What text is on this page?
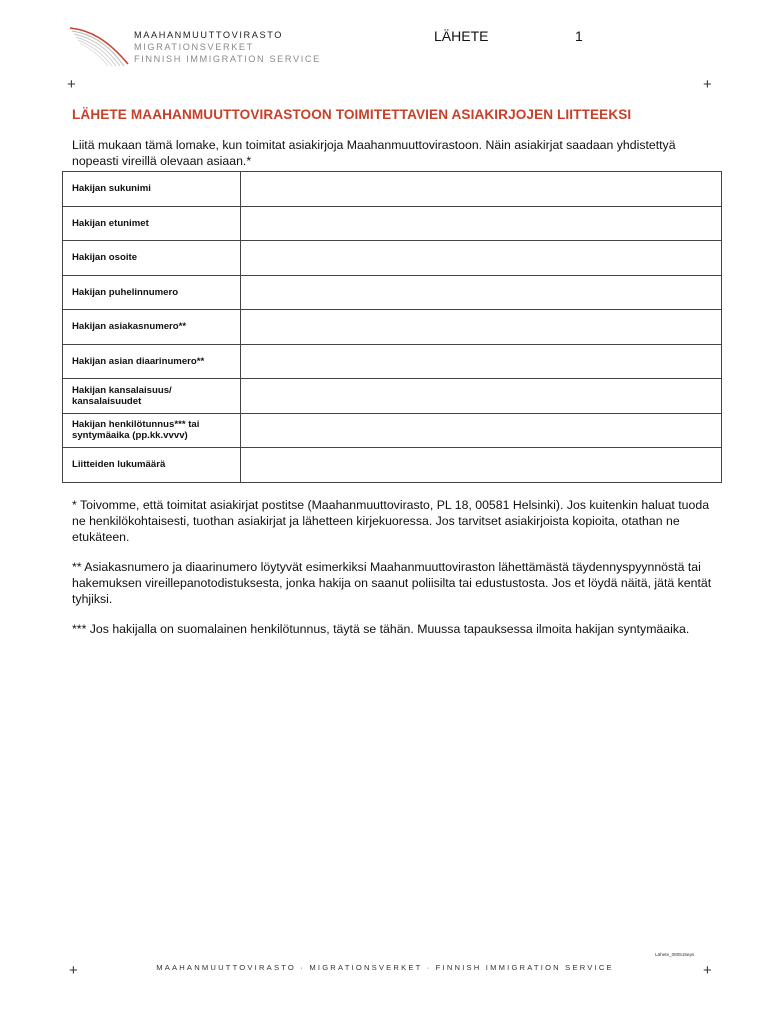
MAAHANMUUTTOVIRASTO
MIGRATIONSVERKET
FINNISH IMMIGRATION SERVICE
LÄHETE	1
+	+
LÄHETE MAAHANMUUTTOVIRASTOON TOIMITETTAVIEN ASIAKIRJOJEN LIITTEEKSI
Liitä mukaan tämä lomake, kun toimitat asiakirjoja Maahanmuuttovirastoon. Näin asiakirjat saadaan yhdistettyä nopeasti vireillä olevaan asiaan.*
Hakijan sukunimi	
Hakijan etunimet	
Hakijan osoite	
Hakijan puhelinnumero	
Hakijan asiakasnumero**	
Hakijan asian diaarinumero**	
Hakijan kansalaisuus/ kansalaisuudet	
Hakijan henkilötunnus*** tai syntymäaika (pp.kk.vvvv)	
Liitteiden lukumäärä	

* Toivomme, että toimitat asiakirjat postitse (Maahanmuuttovirasto, PL 18, 00581 Helsinki). Jos kuitenkin haluat tuoda ne henkilökohtaisesti, tuothan asiakirjat ja lähetteen kirjekuoressa. Jos tarvitset asiakirjoista kopioita, otathan ne etukäteen.

** Asiakasnumero ja diaarinumero löytyvät esimerkiksi Maahanmuuttoviraston lähettämästä täydennyspyynnöstä tai hakemuksen vireillepanotodistuksesta, jonka hakija on saanut poliisilta tai edustustosta. Jos et löydä näitä, jätä kentät tyhjiksi.

*** Jos hakijalla on suomalainen henkilötunnus, täytä se tähän. Muussa tapauksessa ilmoita hakijan syntymäaika.

Lähete_080515eps
+	MAAHANMUUTTOVIRASTO · MIGRATIONSVERKET · FINNISH IMMIGRATION SERVICE	+
